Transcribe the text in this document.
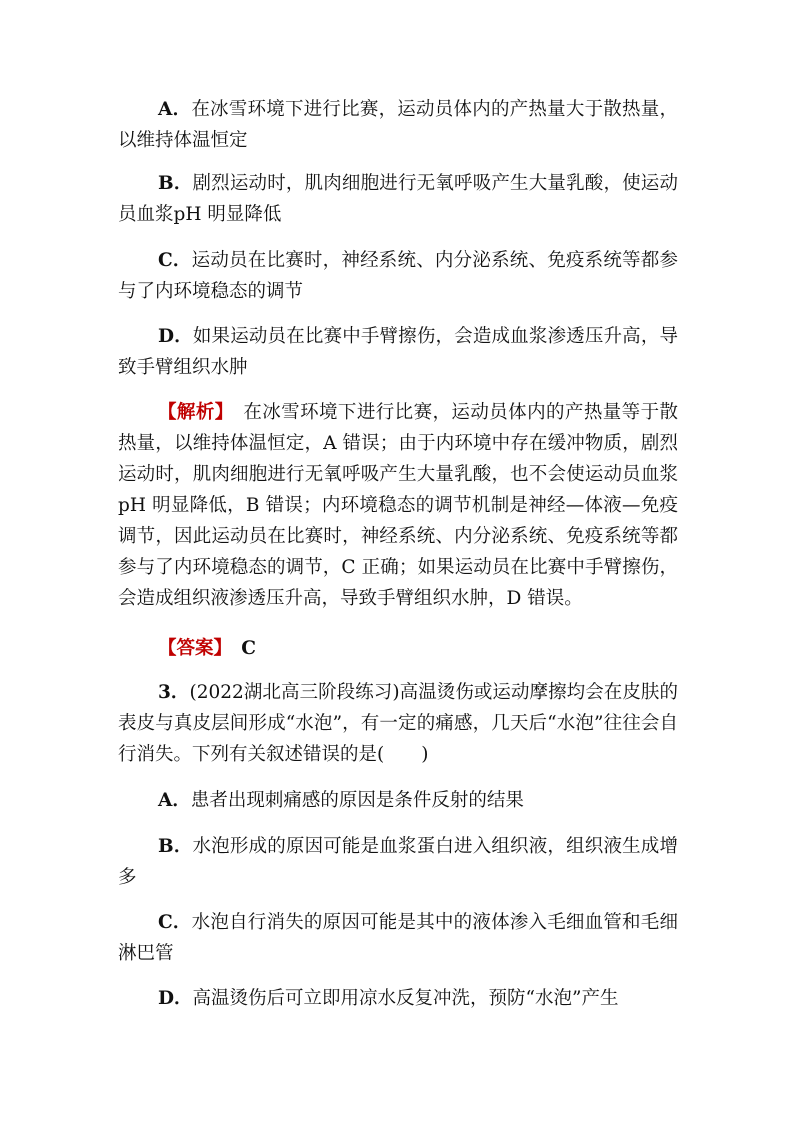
A．在冰雪环境下进行比赛，运动员体内的产热量大于散热量，以维持体温恒定

B．剧烈运动时，肌肉细胞进行无氧呼吸产生大量乳酸，使运动员血浆pH 明显降低

C．运动员在比赛时，神经系统、内分泌系统、免疫系统等都参与了内环境稳态的调节

D．如果运动员在比赛中手臂擦伤，会造成血浆渗透压升高，导致手臂组织水肿

【解析】　在冰雪环境下进行比赛，运动员体内的产热量等于散热量，以维持体温恒定，A 错误；由于内环境中存在缓冲物质，剧烈运动时，肌肉细胞进行无氧呼吸产生大量乳酸，也不会使运动员血浆pH 明显降低，B 错误；内环境稳态的调节机制是神经—体液—免疫调节，因此运动员在比赛时，神经系统、内分泌系统、免疫系统等都参与了内环境稳态的调节，C 正确；如果运动员在比赛中手臂擦伤，会造成组织液渗透压升高，导致手臂组织水肿，D 错误。

【答案】　 C

3．(2022湖北高三阶段练习)高温烫伤或运动摩擦均会在皮肤的表皮与真皮层间形成“水泡”，有一定的痛感，几天后“水泡”往往会自行消失。下列有关叙述错误的是(　　)

A．患者出现刺痛感的原因是条件反射的结果

B．水泡形成的原因可能是血浆蛋白进入组织液，组织液生成增多

C．水泡自行消失的原因可能是其中的液体渗入毛细血管和毛细淋巴管

D．高温烫伤后可立即用凉水反复冲洗，预防“水泡”产生
